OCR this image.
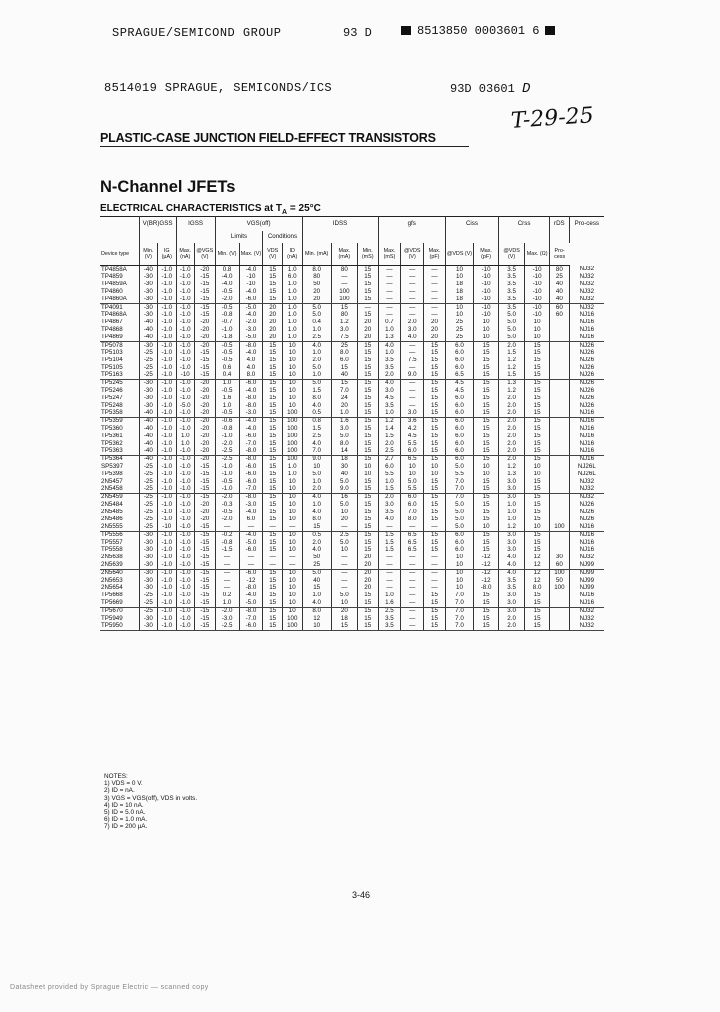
SPRAGUE/SEMICOND GROUP	93 D	8513850 0003601 6
8514019 SPRAGUE, SEMICONDS/ICS	93D 03601 D
T-29-25
PLASTIC-CASE JUNCTION FIELD-EFFECT TRANSISTORS
N-Channel JFETs
ELECTRICAL CHARACTERISTICS at $T_A = 25^\circ C$
	V(BR)GSS		IGSS		VGS(off)				IDSS			gfs			Ciss		Crss		rDS	Pro-cess
					Limits		Conditions													
Device type	Min. (V)	IG (µA)	Max. (nA)	@VGS (V)	Min. (V)	Max. (V)	VDS (V)	ID (nA)	Min. (mA)	Max. (mA)	Min. (mS)	Max. (mS)	@VDS (V)	Max. (pF)	@VDS (V)	Max. (pF)	@VDS (V)	Max. (Ω)	Pro-cess	
TP4858A	-40	-1.0	-1.0	-20	0.8	-4.0	15	1.0	8.0	80	15	—	—	—	10	-10	3.5	-10	80	NJ32
TP4859	-30	-1.0	-1.0	-15	-4.0	-10	15	6.0	80	—	15	—	—	—	10	-10	3.5	-10	25	NJ32
TP4859A	-30	-1.0	-1.0	-15	-4.0	-10	15	1.0	50	—	15	—	—	—	18	-10	3.5	-10	40	NJ32
TP4860	-30	-1.0	-1.0	-15	-0.5	-4.0	15	1.0	20	100	15	—	—	—	18	-10	3.5	-10	40	NJ32
TP4860A	-30	-1.0	-1.0	-15	-2.0	-6.0	15	1.0	20	100	15	—	—	—	18	-10	3.5	-10	40	NJ32
TP4091	-30	-1.0	-1.0	-15	-0.5	-5.0	20	1.0	5.0	15	—	—	—	—	10	-10	3.5	-10	60	NJ32
TP4868A	-30	-1.0	-1.0	-15	-0.8	-4.0	20	1.0	5.0	80	15	—	—	—	10	-10	5.0	-10	60	NJ16
TP4867	-40	-1.0	-1.0	-20	-0.7	-2.0	20	1.0	0.4	1.2	20	0.7	2.0	20	25	10	5.0	10		NJ16
TP4868	-40	-1.0	-1.0	-20	-1.0	-3.0	20	1.0	1.0	3.0	20	1.0	3.0	20	25	10	5.0	10		NJ16
TP4869	-40	-1.0	-1.0	-20	-1.8	-5.0	20	1.0	2.5	7.5	20	1.3	4.0	20	25	10	5.0	10		NJ16
TP5078	-30	-1.0	-1.0	-20	-0.5	-8.0	15	10	4.0	25	15	4.0	—	15	6.0	15	2.0	15		NJ26
TP5103	-25	-1.0	-1.0	-15	-0.5	-4.0	15	10	1.0	8.0	15	1.0	—	15	6.0	15	1.5	15		NJ26
TP5104	-25	-1.0	-1.0	-15	-0.5	4.0	15	10	2.0	6.0	15	3.5	7.5	15	6.0	15	1.2	15		NJ26
TP5105	-25	-1.0	-1.0	-15	0.6	4.0	15	10	5.0	15	15	3.5	—	15	6.0	15	1.2	15		NJ26
TP5163	-25	-1.0	-10	-15	0.4	8.0	15	10	1.0	40	15	2.0	9.0	15	6.5	15	1.5	15		NJ26
TP5245	-30	-1.0	-1.0	-20	1.0	-6.0	15	10	5.0	15	15	4.0	—	15	4.5	15	1.3	15		NJ26
TP5246	-30	-1.0	-1.0	-20	-0.5	-4.0	15	10	1.5	7.0	15	3.0	—	15	4.5	15	1.2	15		NJ26
TP5247	-30	-1.0	-1.0	-20	1.6	-8.0	15	10	8.0	24	15	4.5	—	15	6.0	15	2.0	15		NJ26
TP5248	-30	-1.0	-5.0	-20	1.0	-8.0	15	10	4.0	20	15	3.5	—	15	6.0	15	2.0	15		NJ26
TP5358	-40	-1.0	-1.0	-20	-0.5	-3.0	15	100	0.5	1.0	15	1.0	3.0	15	6.0	15	2.0	15		NJ16
TP5359	-40	-1.0	-1.0	-20	-0.6	-4.0	15	100	0.8	1.6	15	1.2	3.6	15	6.0	15	2.0	15		NJ16
TP5360	-40	-1.0	-1.0	-20	-0.8	-4.0	15	100	1.5	3.0	15	1.4	4.2	15	6.0	15	2.0	15		NJ16
TP5361	-40	-1.0	1.0	-20	-1.0	-6.0	15	100	2.5	5.0	15	1.5	4.5	15	6.0	15	2.0	15		NJ16
TP5362	-40	-1.0	1.0	-20	-2.0	-7.0	15	100	4.0	8.0	15	2.0	5.5	15	6.0	15	2.0	15		NJ16
TP5363	-40	-1.0	-1.0	-20	-2.5	-8.0	15	100	7.0	14	15	2.5	6.0	15	6.0	15	2.0	15		NJ16
TP5364	-40	-1.0	-1.0	-20	-2.5	-8.0	15	100	9.0	18	15	2.7	6.5	15	6.0	15	2.0	15		NJ16
SP5397	-25	-1.0	-1.0	-15	-1.0	-6.0	15	1.0	10	30	10	6.0	10	10	5.0	10	1.2	10		NJ26L
TP5398	-25	-1.0	-1.0	-15	-1.0	-6.0	15	1.0	5.0	40	10	5.5	10	10	5.5	10	1.3	10		NJ26L
2N5457	-25	-1.0	-1.0	-15	-0.5	-6.0	15	10	1.0	5.0	15	1.0	5.0	15	7.0	15	3.0	15		NJ32
2N5458	-25	-1.0	-1.0	-15	-1.0	-7.0	15	10	2.0	9.0	15	1.5	5.5	15	7.0	15	3.0	15		NJ32
2N5459	-25	-1.0	-1.0	-15	-2.0	-8.0	15	10	4.0	16	15	2.0	6.0	15	7.0	15	3.0	15		NJ32
2N5484	-25	-1.0	-1.0	-20	-0.3	-3.0	15	10	1.0	5.0	15	3.0	6.0	15	5.0	15	1.0	15		NJ26
2N5485	-25	-1.0	-1.0	-20	-0.5	-4.0	15	10	4.0	10	15	3.5	7.0	15	5.0	15	1.0	15		NJ26
2N5486	-25	-1.0	-1.0	-20	-2.0	6.0	15	10	8.0	20	15	4.0	8.0	15	5.0	15	1.0	15		NJ26
2N5555	-25	-10	-1.0	-15	—	—	—	—	15	—	15	—	—	—	5.0	10	1.2	10	100	NJ16
TP5556	-30	-1.0	-1.0	-15	-0.2	-4.0	15	10	0.5	2.5	15	1.5	6.5	15	6.0	15	3.0	15		NJ16
TP5557	-30	-1.0	-1.0	-15	-0.8	-5.0	15	10	2.0	5.0	15	1.5	6.5	15	6.0	15	3.0	15		NJ16
TP5558	-30	-1.0	-1.0	-15	-1.5	-6.0	15	10	4.0	10	15	1.5	6.5	15	6.0	15	3.0	15		NJ16
2N5638	-30	-1.0	-1.0	-15	—	—	—	—	50	—	20	—	—	—	10	-12	4.0	12	30	NJ32
2N5639	-30	-1.0	-1.0	-15	—	—	—	—	25	—	20	—	—	—	10	-12	4.0	12	60	NJ99
2N5640	-30	-1.0	-1.0	-15	—	-6.0	15	10	5.0	—	20	—	—	—	10	-12	4.0	12	100	NJ99
2N5653	-30	-1.0	-1.0	-15	—	-12	15	10	40	—	20	—	—	—	10	-12	3.5	12	50	NJ99
2N5654	-30	-1.0	-1.0	-15	—	-8.0	15	10	15	—	20	—	—	—	10	-8.0	3.5	8.0	100	NJ99
TP5668	-25	-1.0	-1.0	-15	0.2	-4.0	15	10	1.0	5.0	15	1.0	—	15	7.0	15	3.0	15		NJ16
TP5669	-25	-1.0	-1.0	-15	1.0	-5.0	15	10	4.0	10	15	1.6	—	15	7.0	15	3.0	15		NJ16
TP5670	-25	-1.0	-1.0	-15	-2.0	-8.0	15	10	8.0	20	15	2.5	—	15	7.0	15	3.0	15		NJ32
TP5949	-30	-1.0	-1.0	-15	-3.0	-7.0	15	100	12	18	15	3.5	—	15	7.0	15	2.0	15		NJ32
TP5950	-30	-1.0	-1.0	-15	-2.5	-6.0	15	100	10	15	15	3.5	—	15	7.0	15	2.0	15		NJ32
NOTES:
1) VDS = 0 V.
2) ID = nA.
3) VGS = VGS(off), VDS in volts.
4) ID = 10 nA.
5) ID = 5.0 nA.
6) ID = 1.0 mA.
7) ID = 200 µA.
3-46
Datasheet provided by Sprague Electric — scanned copy
